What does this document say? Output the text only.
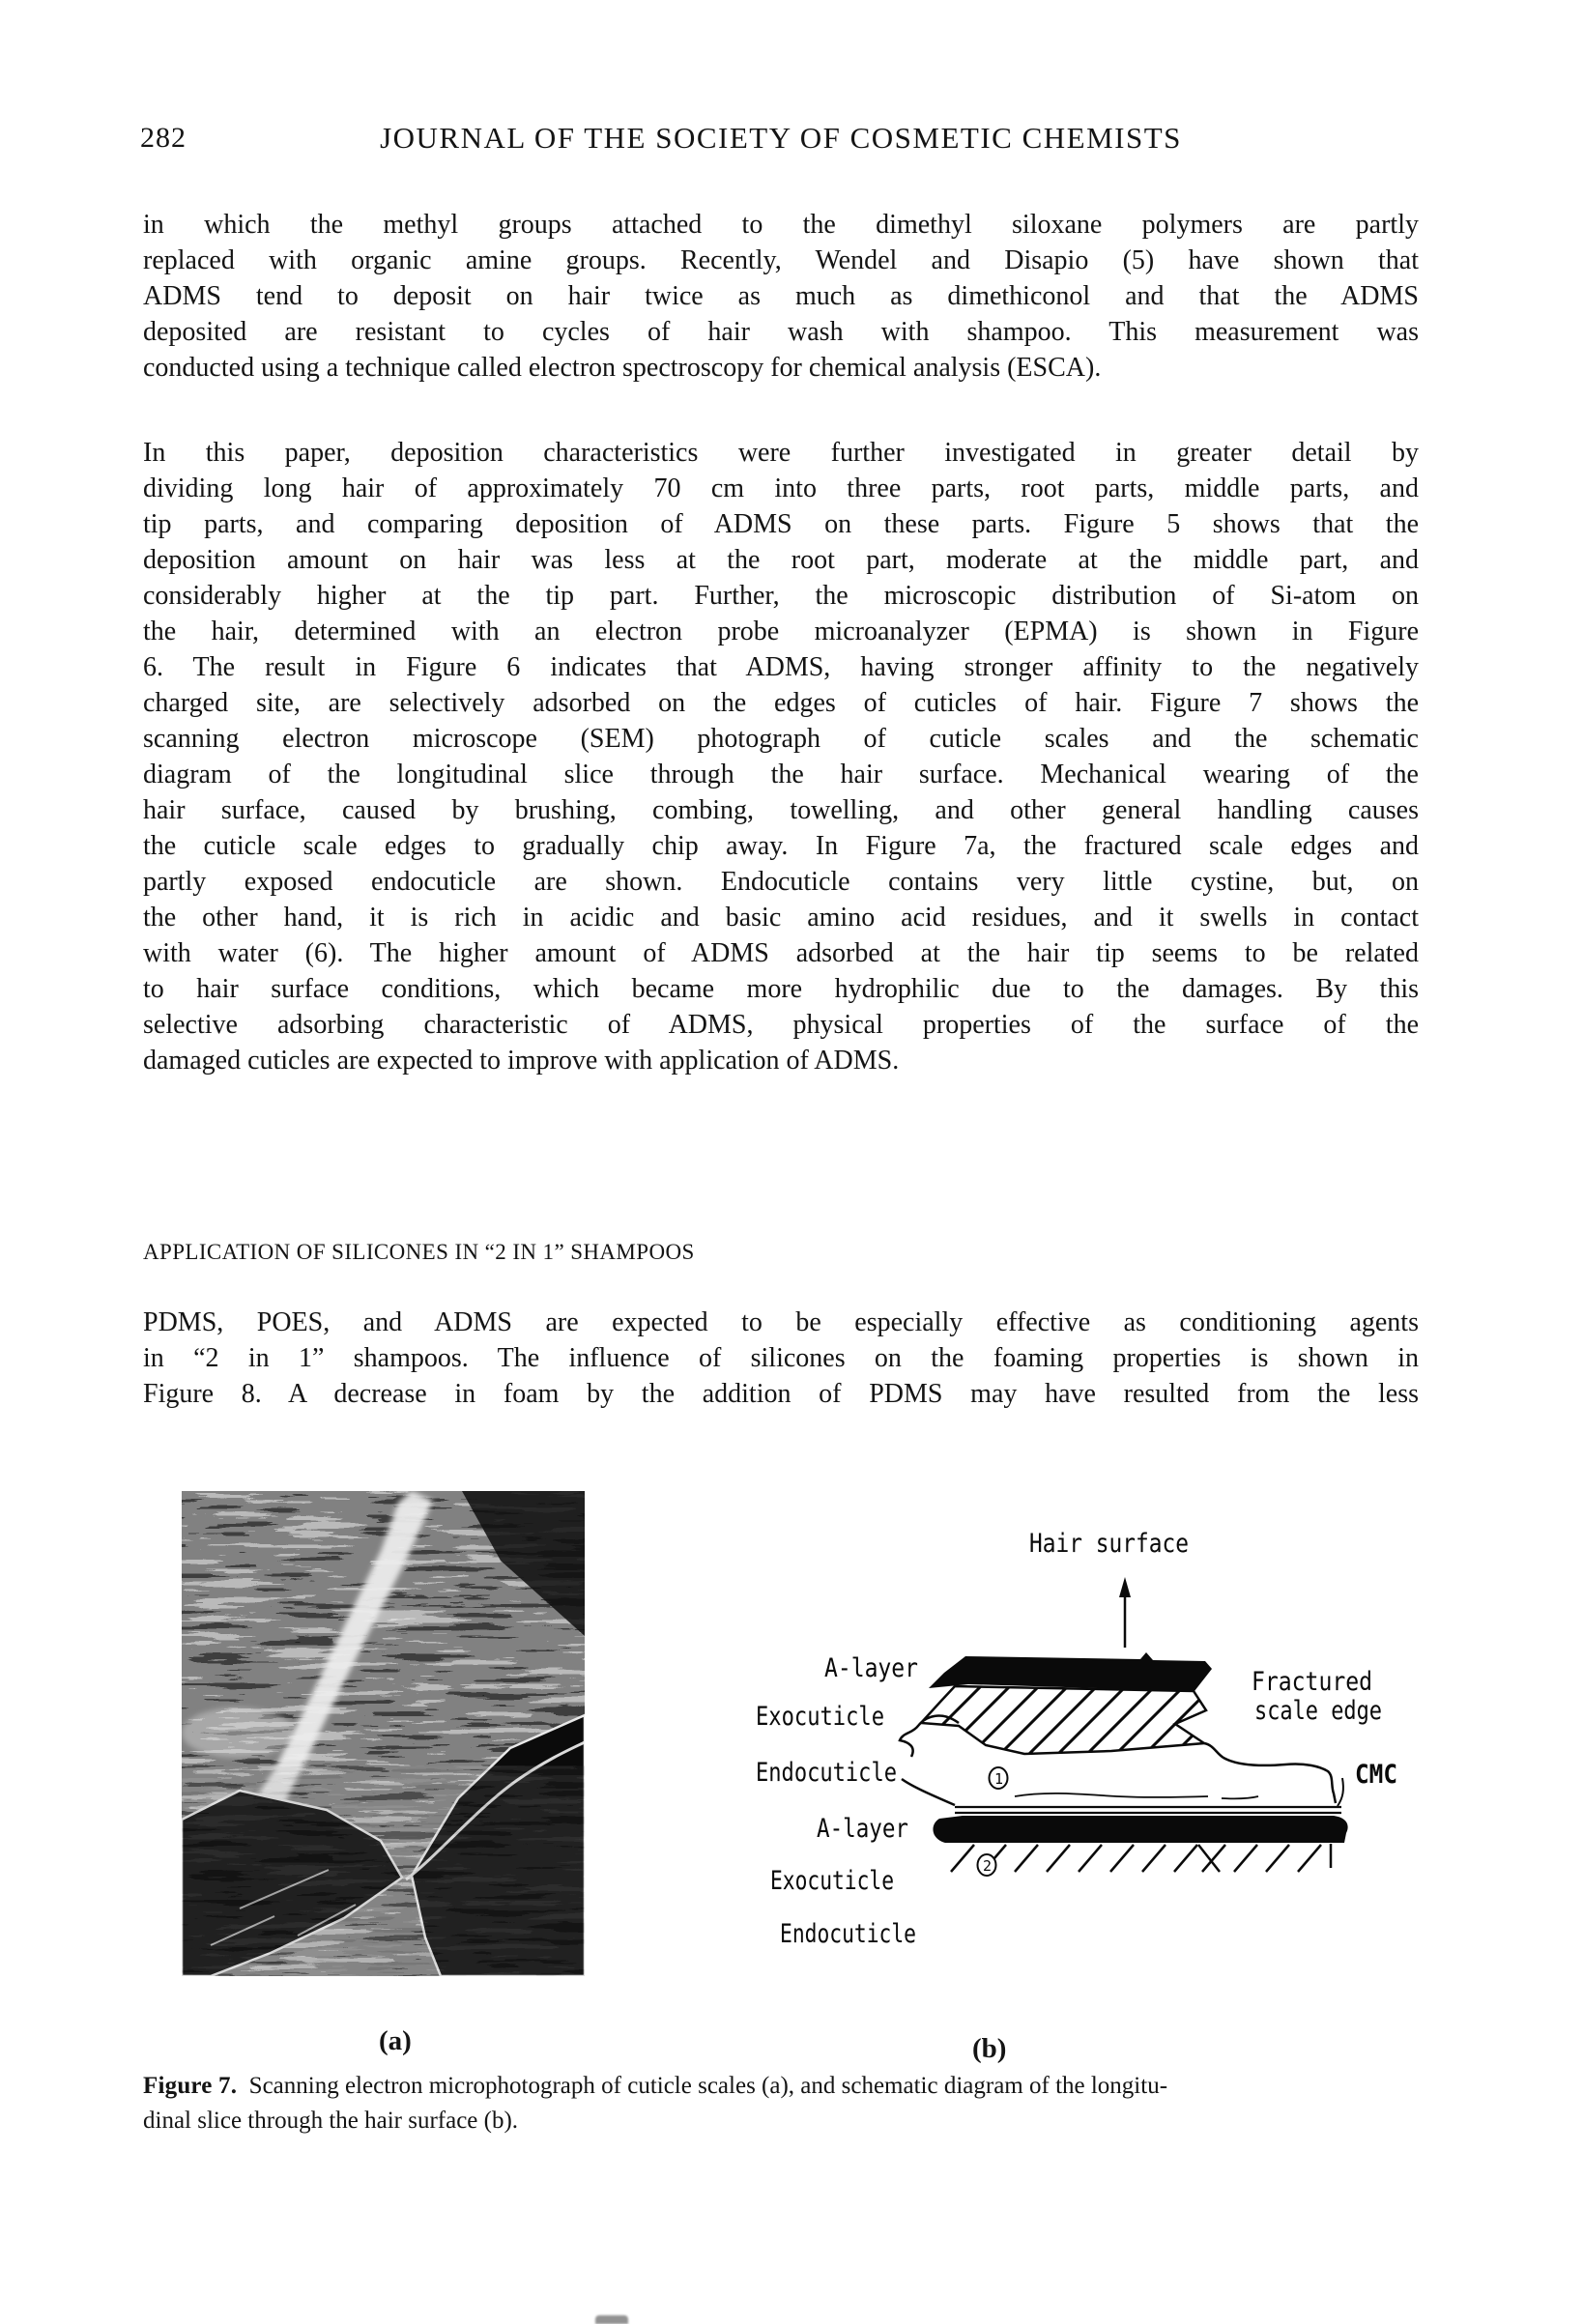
282	JOURNAL OF THE SOCIETY OF COSMETIC CHEMISTS
in which the methyl groups attached to the dimethyl siloxane polymers are partly
replaced with organic amine groups. Recently, Wendel and Disapio (5) have shown that
ADMS tend to deposit on hair twice as much as dimethiconol and that the ADMS
deposited are resistant to cycles of hair wash with shampoo. This measurement was
conducted using a technique called electron spectroscopy for chemical analysis (ESCA).
In this paper, deposition characteristics were further investigated in greater detail by
dividing long hair of approximately 70 cm into three parts, root parts, middle parts, and
tip parts, and comparing deposition of ADMS on these parts. Figure 5 shows that the
deposition amount on hair was less at the root part, moderate at the middle part, and
considerably higher at the tip part. Further, the microscopic distribution of Si-atom on
the hair, determined with an electron probe microanalyzer (EPMA) is shown in Figure
6. The result in Figure 6 indicates that ADMS, having stronger affinity to the negatively
charged site, are selectively adsorbed on the edges of cuticles of hair. Figure 7 shows the
scanning electron microscope (SEM) photograph of cuticle scales and the schematic
diagram of the longitudinal slice through the hair surface. Mechanical wearing of the
hair surface, caused by brushing, combing, towelling, and other general handling causes
the cuticle scale edges to gradually chip away. In Figure 7a, the fractured scale edges and
partly exposed endocuticle are shown. Endocuticle contains very little cystine, but, on
the other hand, it is rich in acidic and basic amino acid residues, and it swells in contact
with water (6). The higher amount of ADMS adsorbed at the hair tip seems to be related
to hair surface conditions, which became more hydrophilic due to the damages. By this
selective adsorbing characteristic of ADMS, physical properties of the surface of the
damaged cuticles are expected to improve with application of ADMS.
APPLICATION OF SILICONES IN “2 IN 1” SHAMPOOS
PDMS, POES, and ADMS are expected to be especially effective as conditioning agents
in “2 in 1” shampoos. The influence of silicones on the foaming properties is shown in
Figure 8. A decrease in foam by the addition of PDMS may have resulted from the less
Hair surface
A-layer
Exocuticle
Endocuticle
A-layer
Exocuticle
Endocuticle
Fractured
scale edge
CMC
1
2
(a)	(b)
Figure 7. Scanning electron microphotograph of cuticle scales (a), and schematic diagram of the longitu-
dinal slice through the hair surface (b).
